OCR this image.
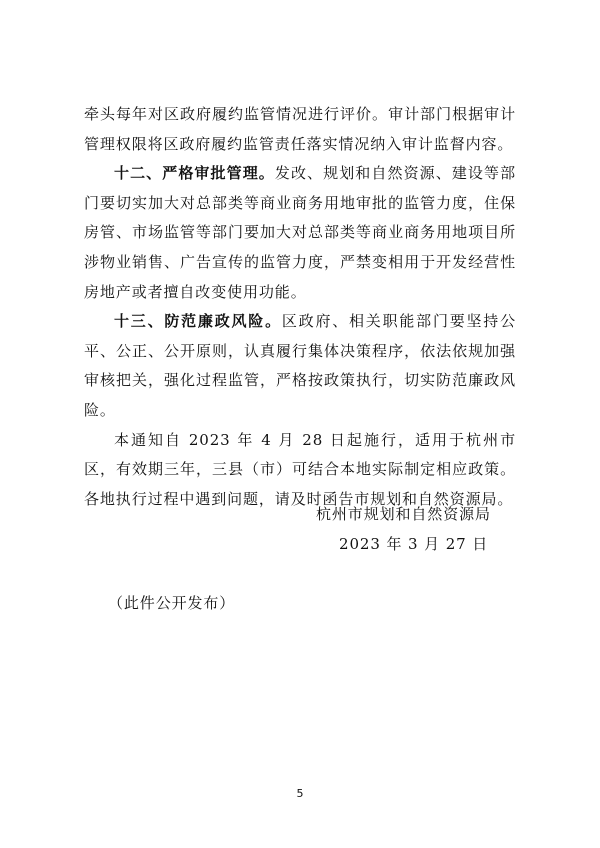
牵头每年对区政府履约监管情况进行评价。审计部门根据审计管理权限将区政府履约监管责任落实情况纳入审计监督内容。

十二、严格审批管理。发改、规划和自然资源、建设等部门要切实加大对总部类等商业商务用地审批的监管力度，住保房管、市场监管等部门要加大对总部类等商业商务用地项目所涉物业销售、广告宣传的监管力度，严禁变相用于开发经营性房地产或者擅自改变使用功能。

十三、防范廉政风险。区政府、相关职能部门要坚持公平、公正、公开原则，认真履行集体决策程序，依法依规加强审核把关，强化过程监管，严格按政策执行，切实防范廉政风险。

本通知自 2023 年 4 月 28 日起施行，适用于杭州市区，有效期三年，三县（市）可结合本地实际制定相应政策。各地执行过程中遇到问题，请及时函告市规划和自然资源局。

杭州市规划和自然资源局
2023 年 3 月 27 日
（此件公开发布）
5
